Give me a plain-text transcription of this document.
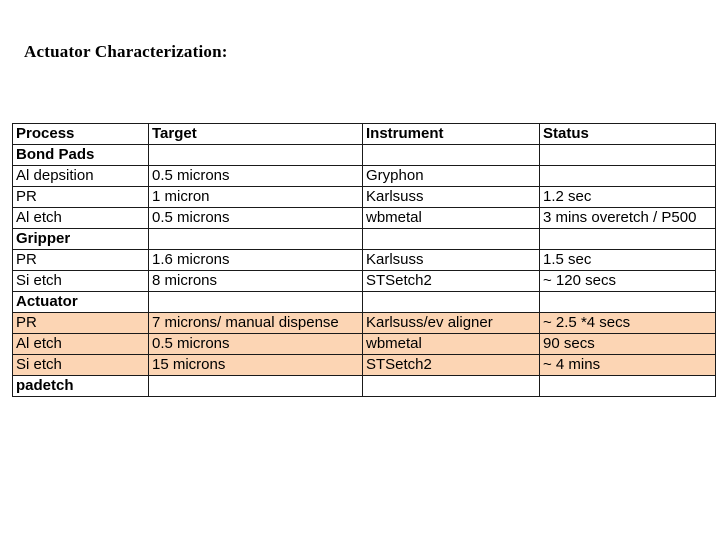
Actuator Characterization:
Process	Target	Instrument	Status
Bond Pads			
Al depsition	0.5 microns	Gryphon	
PR	1 micron	Karlsuss	1.2 sec
Al etch	0.5 microns	wbmetal	3 mins overetch / P500
Gripper			
PR	1.6 microns	Karlsuss	1.5 sec
Si etch	8 microns	STSetch2	~ 120 secs
Actuator			
PR	7 microns/ manual dispense	Karlsuss/ev aligner	~ 2.5 *4 secs
Al etch	0.5 microns	wbmetal	90 secs
Si etch	15 microns	STSetch2	~ 4 mins
padetch			
